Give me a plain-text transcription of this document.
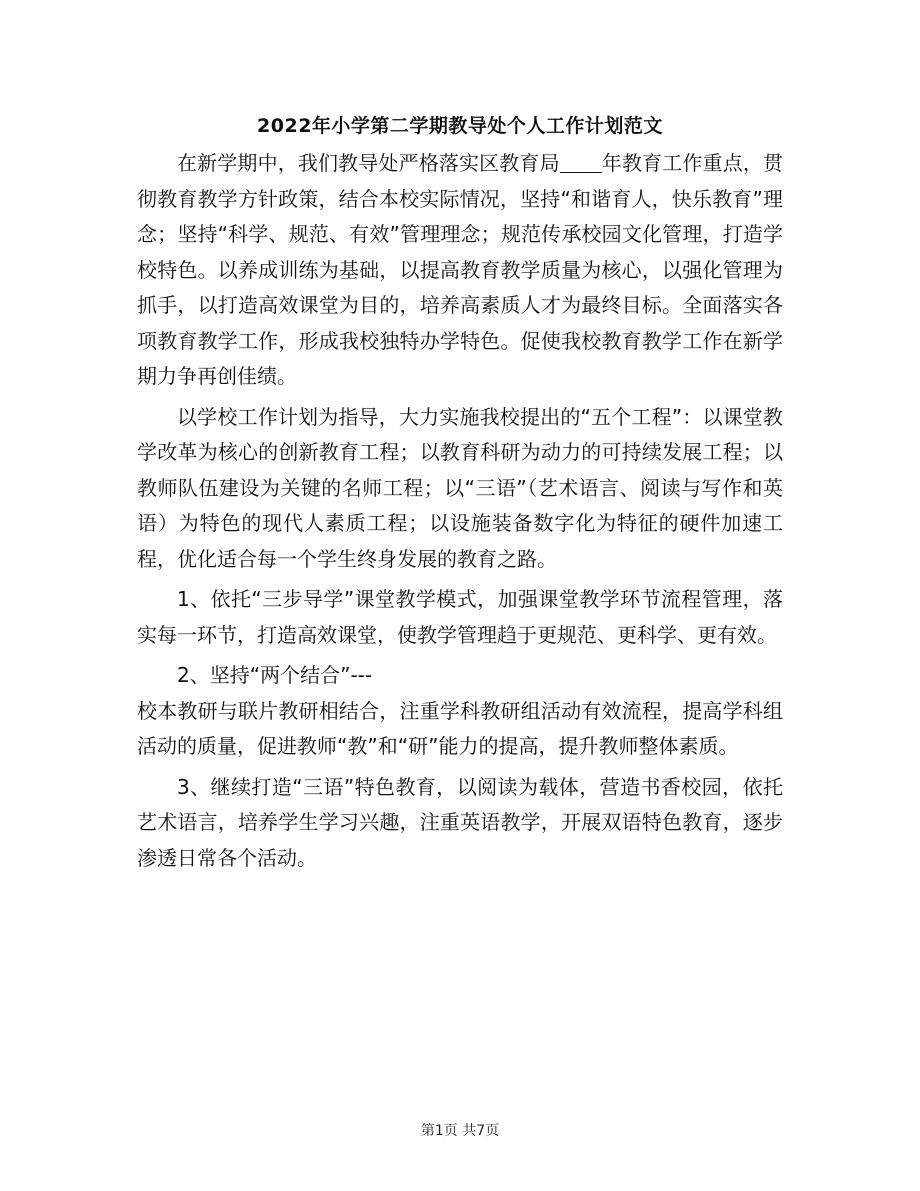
2022年小学第二学期教导处个人工作计划范文

在新学期中，我们教导处严格落实区教育局 年教育工作重点，贯彻教育教学方针政策，结合本校实际情况，坚持“和谐育人，快乐教育”理念；坚持“科学、规范、有效”管理理念；规范传承校园文化管理，打造学校特色。以养成训练为基础，以提高教育教学质量为核心，以强化管理为抓手，以打造高效课堂为目的，培养高素质人才为最终目标。全面落实各项教育教学工作，形成我校独特办学特色。促使我校教育教学工作在新学期力争再创佳绩。

以学校工作计划为指导，大力实施我校提出的“五个工程”：以课堂教学改革为核心的创新教育工程；以教育科研为动力的可持续发展工程；以教师队伍建设为关键的名师工程；以“三语”（艺术语言、阅读与写作和英语）为特色的现代人素质工程；以设施装备数字化为特征的硬件加速工程，优化适合每一个学生终身发展的教育之路。

1、依托“三步导学”课堂教学模式，加强课堂教学环节流程管理，落实每一环节，打造高效课堂，使教学管理趋于更规范、更科学、更有效。

2、坚持“两个结合”---

校本教研与联片教研相结合，注重学科教研组活动有效流程，提高学科组活动的质量，促进教师“教”和“研”能力的提高，提升教师整体素质。

3、继续打造“三语”特色教育，以阅读为载体，营造书香校园，依托艺术语言，培养学生学习兴趣，注重英语教学，开展双语特色教育，逐步渗透日常各个活动。

第1页 共7页
